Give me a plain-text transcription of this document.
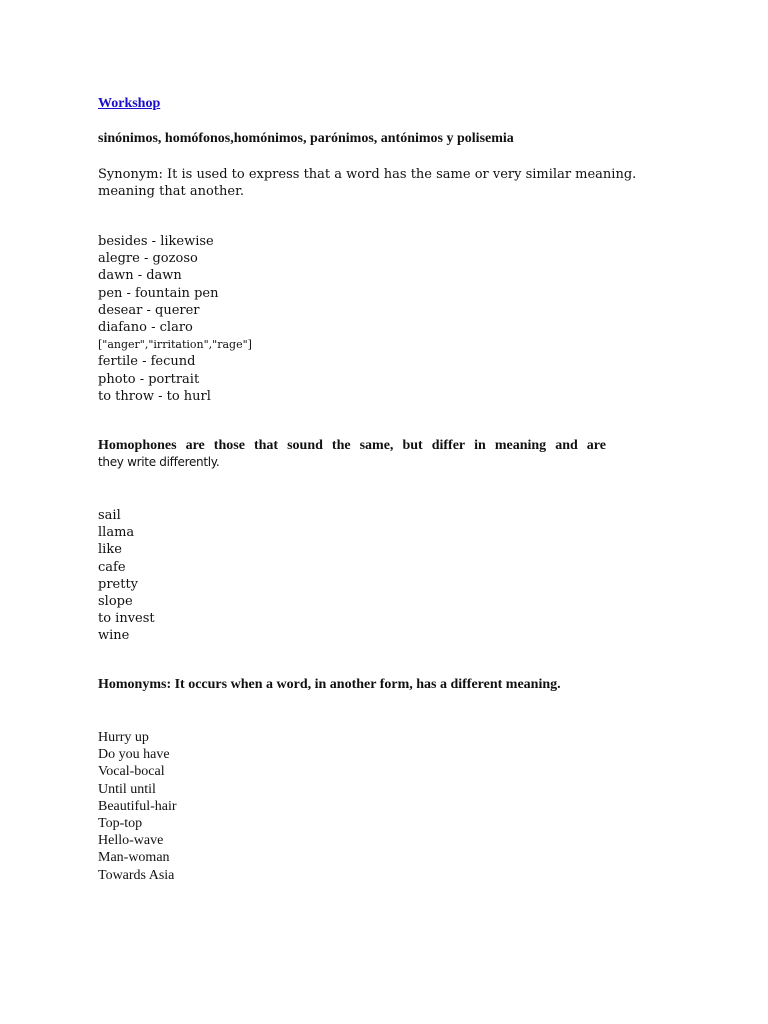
Workshop
sinónimos, homófonos,homónimos, parónimos, antónimos y polisemia
Synonym: It is used to express that a word has the same or very similar meaning.
meaning that another.
besides - likewise
alegre - gozoso
dawn - dawn
pen - fountain pen
desear - querer
diafano - claro
["anger","irritation","rage"]
fertile - fecund
photo - portrait
to throw - to hurl
Homophones are those that sound the same, but differ in meaning and are
they write differently.
sail
llama
like
cafe
pretty
slope
to invest
wine
Homonyms: It occurs when a word, in another form, has a different meaning.
Hurry up
Do you have
Vocal-bocal
Until until
Beautiful-hair
Top-top
Hello-wave
Man-woman
Towards Asia
